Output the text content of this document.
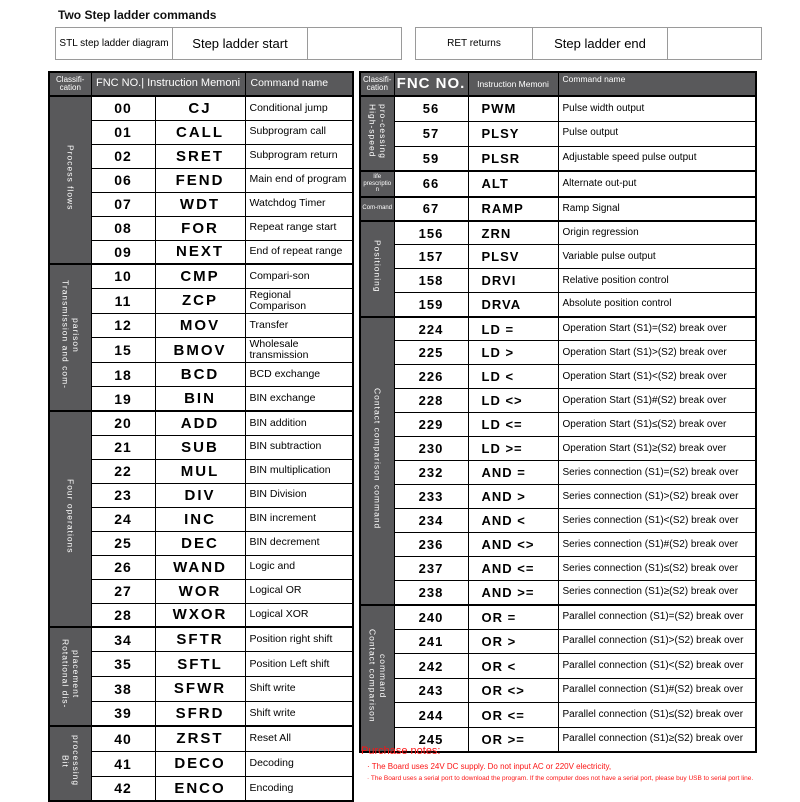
Two Step ladder commands
STL step ladder diagram	Step ladder start	RET returns	Step ladder end
Classifi-cation	FNC NO.| Instruction Memoni		Command name
Process flows	00	CJ	Conditional jump
	01	CALL	Subprogram call
	02	SRET	Subprogram return
	06	FEND	Main end of program
	07	WDT	Watchdog Timer
	08	FOR	Repeat range start
	09	NEXT	End of repeat range
Transmission and com-parison	10	CMP	Compari-son
	11	ZCP	Regional Comparison
	12	MOV	Transfer
	15	BMOV	Wholesale transmission
	18	BCD	BCD exchange
	19	BIN	BIN exchange
Four operations	20	ADD	BIN addition
	21	SUB	BIN subtraction
	22	MUL	BIN multiplication
	23	DIV	BIN Division
	24	INC	BIN increment
	25	DEC	BIN decrement
	26	WAND	Logic and
	27	WOR	Logical OR
	28	WXOR	Logical XOR
Rotational dis-placement	34	SFTR	Position right shift
	35	SFTL	Position Left shift
	38	SFWR	Shift write
	39	SFRD	Shift write
Bit processing	40	ZRST	Reset All
	41	DECO	Decoding
	42	ENCO	Encoding
Classifi-cation	FNC NO.	Instruction Memoni	Command name
High-speed pro-cessing	56	PWM	Pulse width output
	57	PLSY	Pulse output
	59	PLSR	Adjustable speed pulse output

life prescription	66	ALT	Alternate out-put

Com-mand	67	RAMP	Ramp Signal
Positioning	156	ZRN	Origin regression
	157	PLSV	Variable pulse output
	158	DRVI	Relative position control
	159	DRVA	Absolute position control
Contact comparison command	224	LD =	Operation Start (S1)=(S2) break over
	225	LD >	Operation Start (S1)>(S2) break over
	226	LD <	Operation Start (S1)<(S2) break over
	228	LD <>	Operation Start (S1)#(S2) break over
	229	LD <=	Operation Start (S1)≤(S2) break over
	230	LD >=	Operation Start (S1)≥(S2) break over
	232	AND =	Series connection (S1)=(S2) break over
	233	AND >	Series connection (S1)>(S2) break over
	234	AND <	Series connection (S1)<(S2) break over
	236	AND <>	Series connection (S1)#(S2) break over
	237	AND <=	Series connection (S1)≤(S2) break over
	238	AND >=	Series connection (S1)≥(S2) break over
Contact comparison command	240	OR =	Parallel connection (S1)=(S2) break over
	241	OR >	Parallel connection (S1)>(S2) break over
	242	OR <	Parallel connection (S1)<(S2) break over
	243	OR <>	Parallel connection (S1)#(S2) break over
	244	OR <=	Parallel connection (S1)≤(S2) break over
	245	OR >=	Parallel connection (S1)≥(S2) break over
Purchase notes:
· The Board uses 24V DC supply. Do not input AC or 220V electricity,
· The Board uses a serial port to download the program. If the computer does not have a serial port, please buy USB to serial port line.
